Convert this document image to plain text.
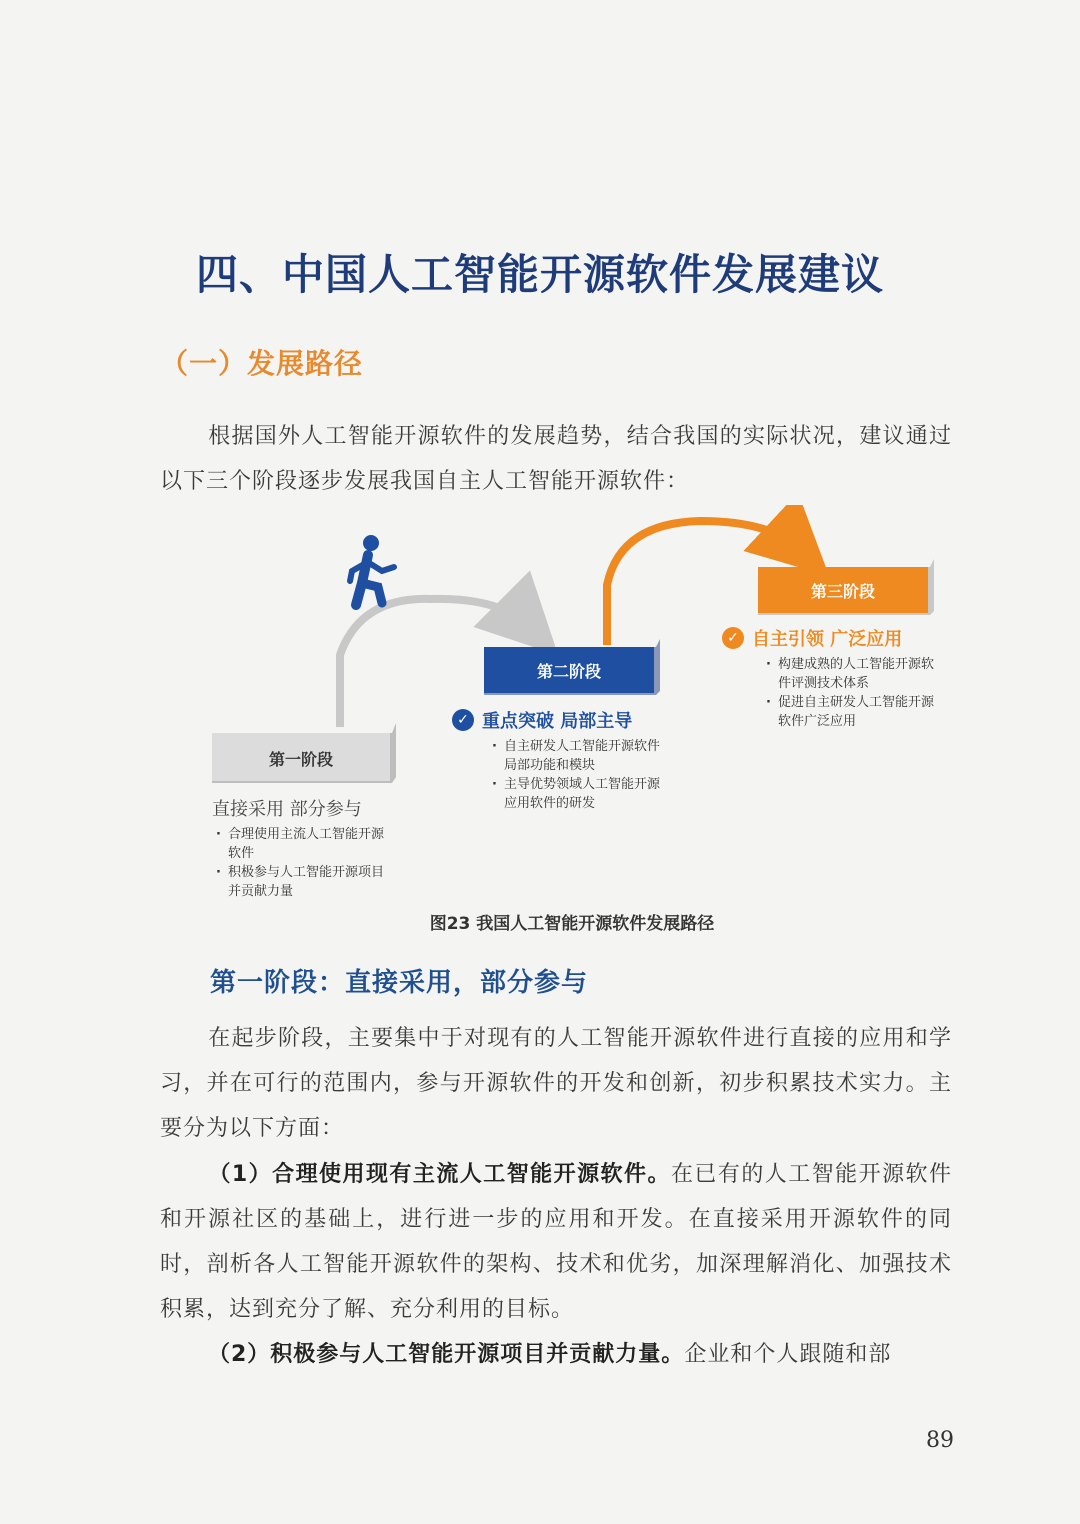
四、中国人工智能开源软件发展建议
（一）发展路径
根据国外人工智能开源软件的发展趋势，结合我国的实际状况，建议通过以下三个阶段逐步发展我国自主人工智能开源软件：
第一阶段
第二阶段
第三阶段
直接采用 部分参与
· 合理使用主流人工智能开源软件
· 积极参与人工智能开源项目并贡献力量
✓ 重点突破 局部主导
· 自主研发人工智能开源软件局部功能和模块
· 主导优势领域人工智能开源应用软件的研发
✓ 自主引领 广泛应用
· 构建成熟的人工智能开源软件评测技术体系
· 促进自主研发人工智能开源软件广泛应用
图23 我国人工智能开源软件发展路径
第一阶段：直接采用，部分参与
在起步阶段，主要集中于对现有的人工智能开源软件进行直接的应用和学习，并在可行的范围内，参与开源软件的开发和创新，初步积累技术实力。主要分为以下方面：
（1）合理使用现有主流人工智能开源软件。在已有的人工智能开源软件和开源社区的基础上，进行进一步的应用和开发。在直接采用开源软件的同时，剖析各人工智能开源软件的架构、技术和优劣，加深理解消化、加强技术积累，达到充分了解、充分利用的目标。
（2）积极参与人工智能开源项目并贡献力量。企业和个人跟随和部
89
